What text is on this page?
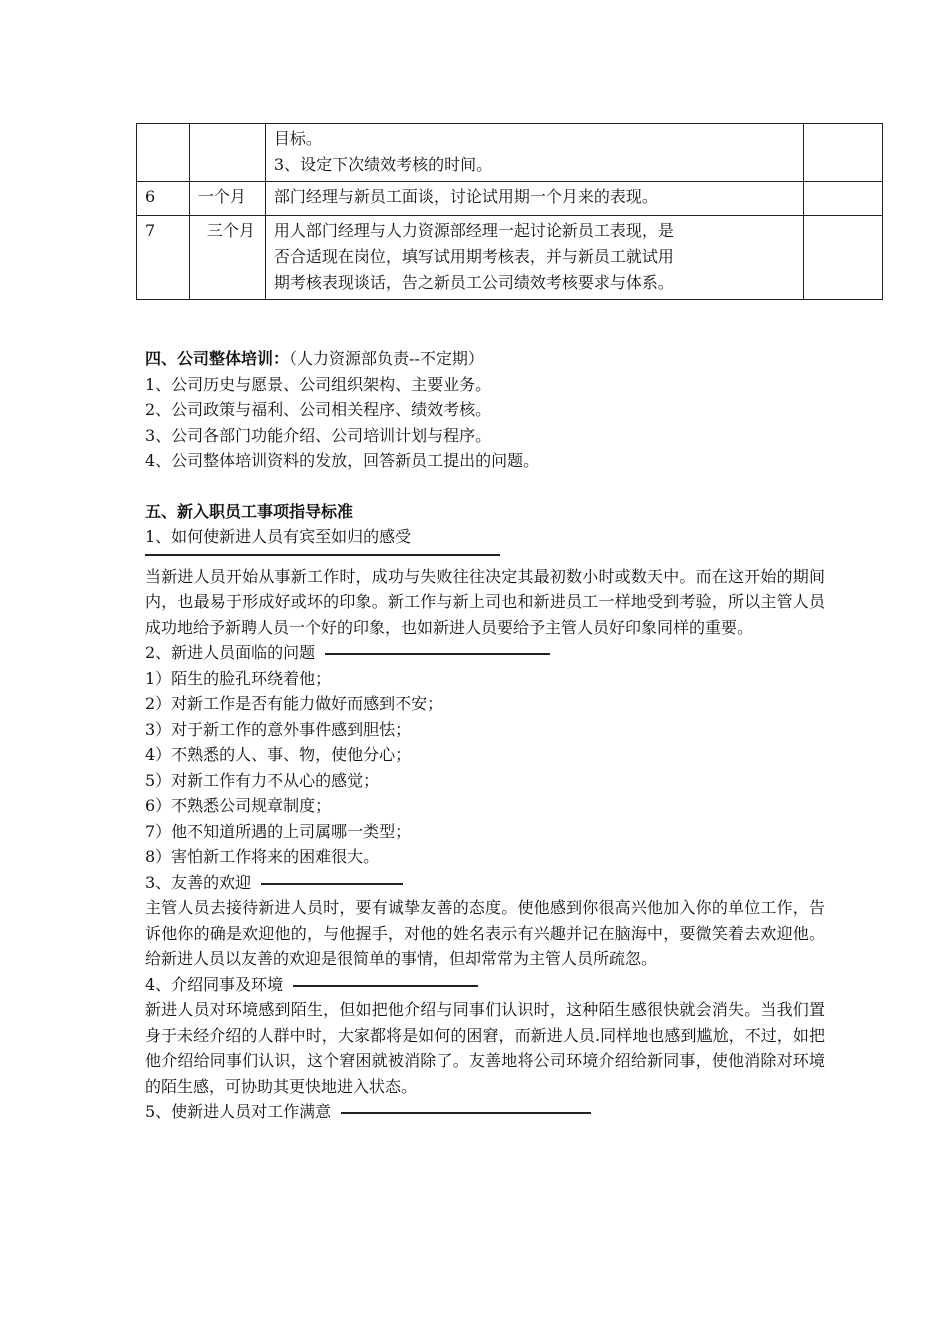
		目标。
3、设定下次绩效考核的时间。	

6	一个月	部门经理与新员工面谈，讨论试用期一个月来的表现。	

7	三个月	用人部门经理与人力资源部经理一起讨论新员工表现，是
否合适现在岗位，填写试用期考核表，并与新员工就试用
期考核表现谈话，告之新员工公司绩效考核要求与体系。	

四、公司整体培训：（人力资源部负责--不定期）

1、公司历史与愿景、公司组织架构、主要业务。

2、公司政策与福利、公司相关程序、绩效考核。

3、公司各部门功能介绍、公司培训计划与程序。

4、公司整体培训资料的发放，回答新员工提出的问题。

五、新入职员工事项指导标准

1、如何使新进人员有宾至如归的感受

当新进人员开始从事新工作时，成功与失败往往决定其最初数小时或数天中。而在这开始的期间内，也最易于形成好或坏的印象。新工作与新上司也和新进员工一样地受到考验，所以主管人员成功地给予新聘人员一个好的印象，也如新进人员要给予主管人员好印象同样的重要。

2、新进人员面临的问题

1）陌生的脸孔环绕着他；

2）对新工作是否有能力做好而感到不安；

3）对于新工作的意外事件感到胆怯；

4）不熟悉的人、事、物，使他分心；

5）对新工作有力不从心的感觉；

6）不熟悉公司规章制度；

7）他不知道所遇的上司属哪一类型；

8）害怕新工作将来的困难很大。

3、友善的欢迎

主管人员去接待新进人员时，要有诚挚友善的态度。使他感到你很高兴他加入你的单位工作，告诉他你的确是欢迎他的，与他握手，对他的姓名表示有兴趣并记在脑海中，要微笑着去欢迎他。给新进人员以友善的欢迎是很简单的事情，但却常常为主管人员所疏忽。

4、介绍同事及环境

新进人员对环境感到陌生，但如把他介绍与同事们认识时，这种陌生感很快就会消失。当我们置身于未经介绍的人群中时，大家都将是如何的困窘，而新进人员.同样地也感到尴尬，不过，如把他介绍给同事们认识，这个窘困就被消除了。友善地将公司环境介绍给新同事，使他消除对环境的陌生感，可协助其更快地进入状态。

5、使新进人员对工作满意
